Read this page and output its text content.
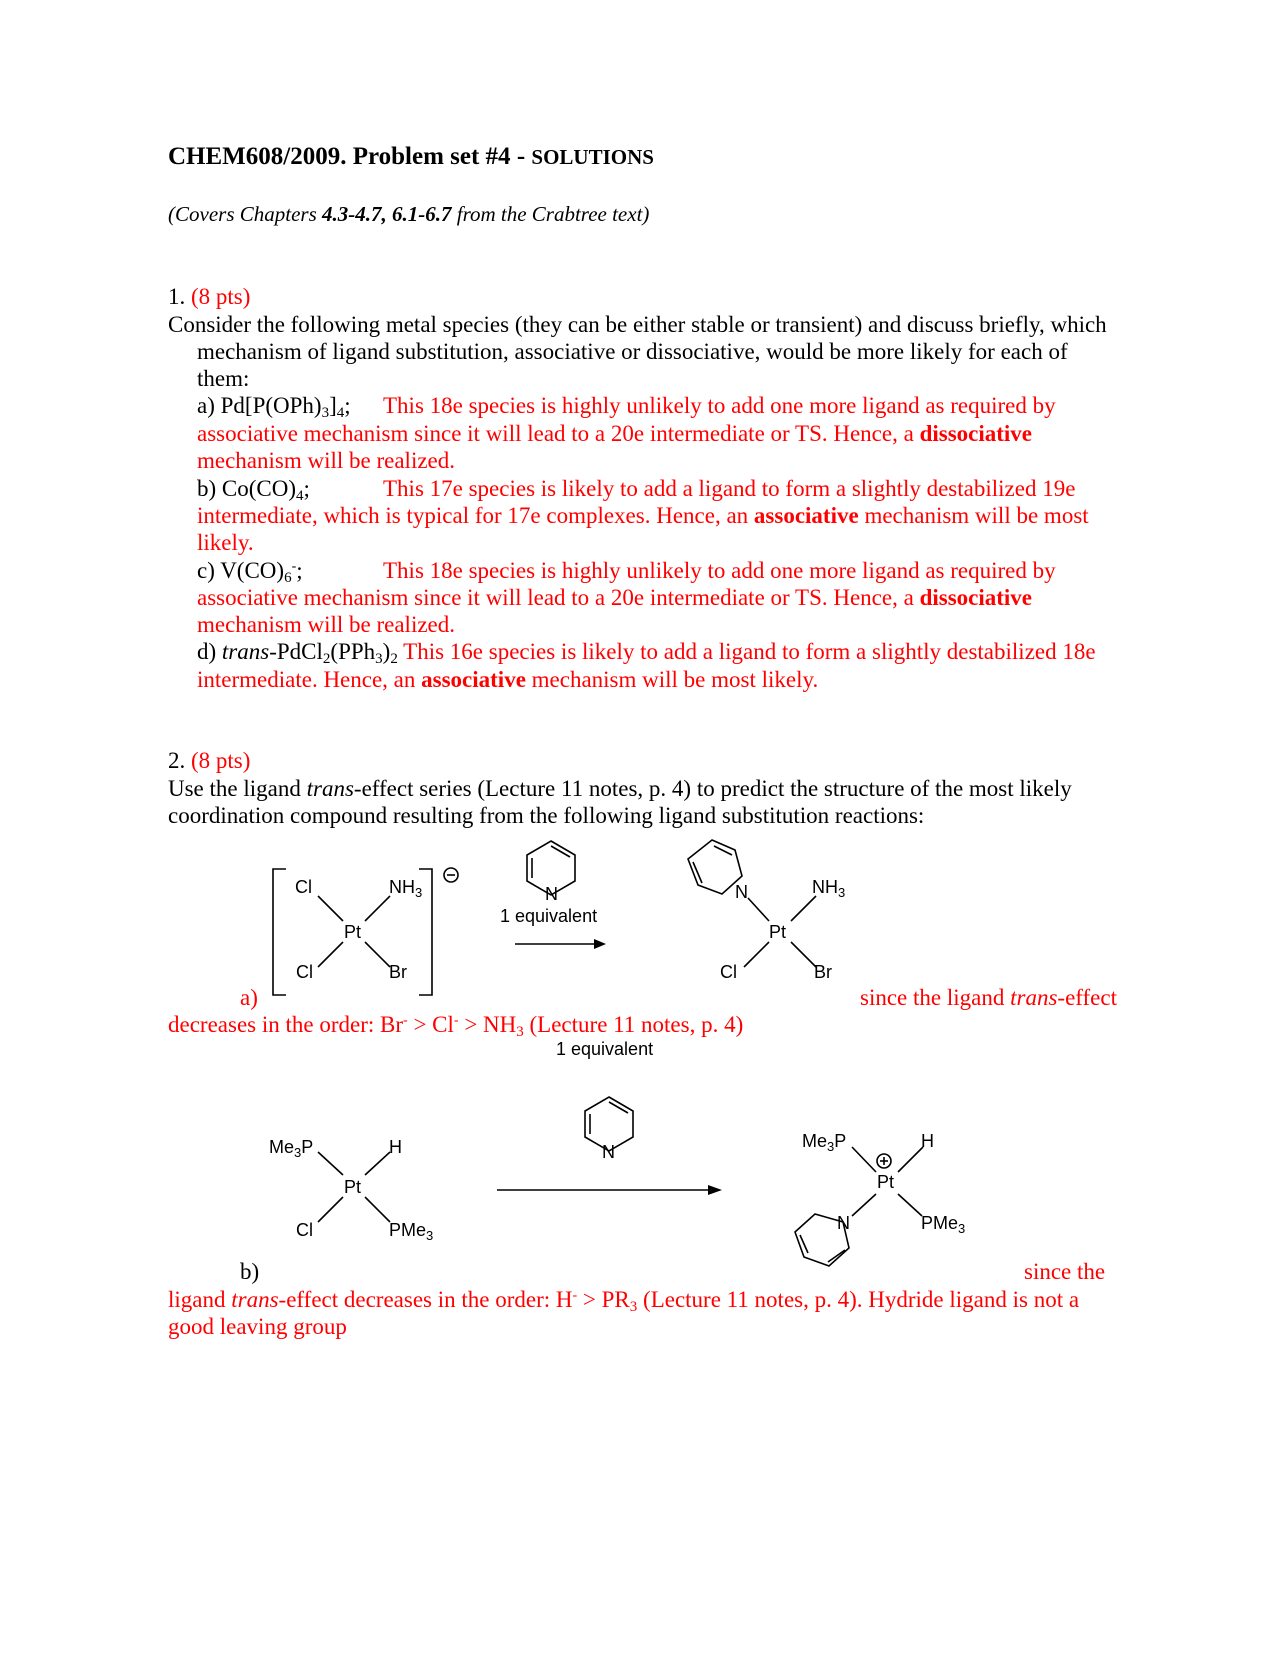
CHEM608/2009. Problem set #4 - SOLUTIONS
(Covers Chapters 4.3-4.7, 6.1-6.7 from the Crabtree text)
1. (8 pts)
Consider the following metal species (they can be either stable or transient) and discuss briefly, which
mechanism of ligand substitution, associative or dissociative, would be more likely for each of
them:
a) $Pd[P(OPh)_3]_4$; This 18e species is highly unlikely to add one more ligand as required by
associative mechanism since it will lead to a 20e intermediate or TS. Hence, a dissociative
mechanism will be realized.
b) $Co(CO)_4$;	This 17e species is likely to add a ligand to form a slightly destabilized 19e
intermediate, which is typical for 17e complexes. Hence, an associative mechanism will be most
likely.
c) $V(CO)_6^-$;	This 18e species is highly unlikely to add one more ligand as required by
associative mechanism since it will lead to a 20e intermediate or TS. Hence, a dissociative
mechanism will be realized.
d) trans-$PdCl_2(PPh_3)_2$ This 16e species is likely to add a ligand to form a slightly destabilized 18e
intermediate. Hence, an associative mechanism will be most likely.
2. (8 pts)
Use the ligand trans-effect series (Lecture 11 notes, p. 4) to predict the structure of the most likely
coordination compound resulting from the following ligand substitution reactions:
Pt
Cl	$NH_3$
Cl	Br
N
1 equivalent
N
Pt
$NH_3$
Cl	Br
a)	since the ligand trans-effect
decreases in the order: $Br^- > Cl^- > NH_3$ (Lecture 11 notes, p. 4)
1 equivalent
N
$Me_3P$	H
Pt
Cl	PMe$_3$
$Me_3P$	H
Pt
N	PMe$_3$
b)	since the
ligand trans-effect decreases in the order: $H^- > PR_3$ (Lecture 11 notes, p. 4). Hydride ligand is not a
good leaving group
